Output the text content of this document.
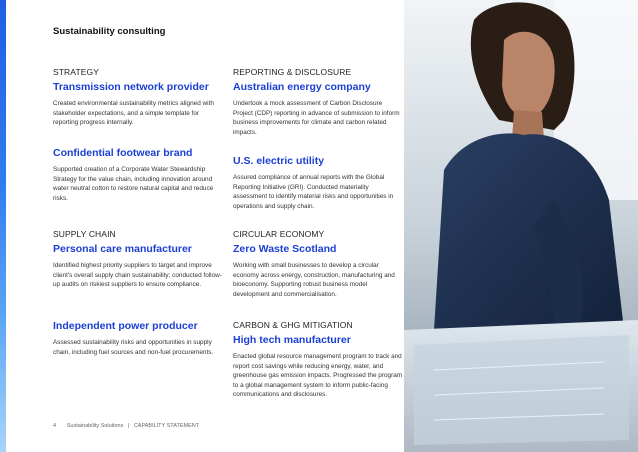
Sustainability consulting
STRATEGY
Transmission network provider

Created environmental sustainability metrics aligned with stakeholder expectations, and a simple template for reporting progress internally.

Confidential footwear brand

Supported creation of a Corporate Water Stewardship Strategy for the value chain, including innovation around water neutral cotton to restore natural capital and reduce risks.

SUPPLY CHAIN
Personal care manufacturer

Identified highest priority suppliers to target and improve client's overall supply chain sustainability; conducted follow-up audits on riskiest suppliers to ensure compliance.

Independent power producer

Assessed sustainability risks and opportunities in supply chain, including fuel sources and non-fuel procurements.

REPORTING & DISCLOSURE
Australian energy company

Undertook a mock assessment of Carbon Disclosure Project (CDP) reporting in advance of submission to inform business improvements for climate and carbon related impacts.

U.S. electric utility

Assured compliance of annual reports with the Global Reporting Initiative (GRI). Conducted materiality assessment to identify material risks and opportunities in operations and supply chain.

CIRCULAR ECONOMY
Zero Waste Scotland

Working with small businesses to develop a circular economy across energy, construction, manufacturing and bioeconomy. Supporting robust business model development and commercialisation.

CARBON & GHG MITIGATION
High tech manufacturer

Enacted global resource management program to track and report cost savings while reducing energy, water, and greenhouse gas emission impacts. Progressed the program to a global management system to inform public-facing communications and disclosures.

4 Sustainability Solutions | CAPABILITY STATEMENT
